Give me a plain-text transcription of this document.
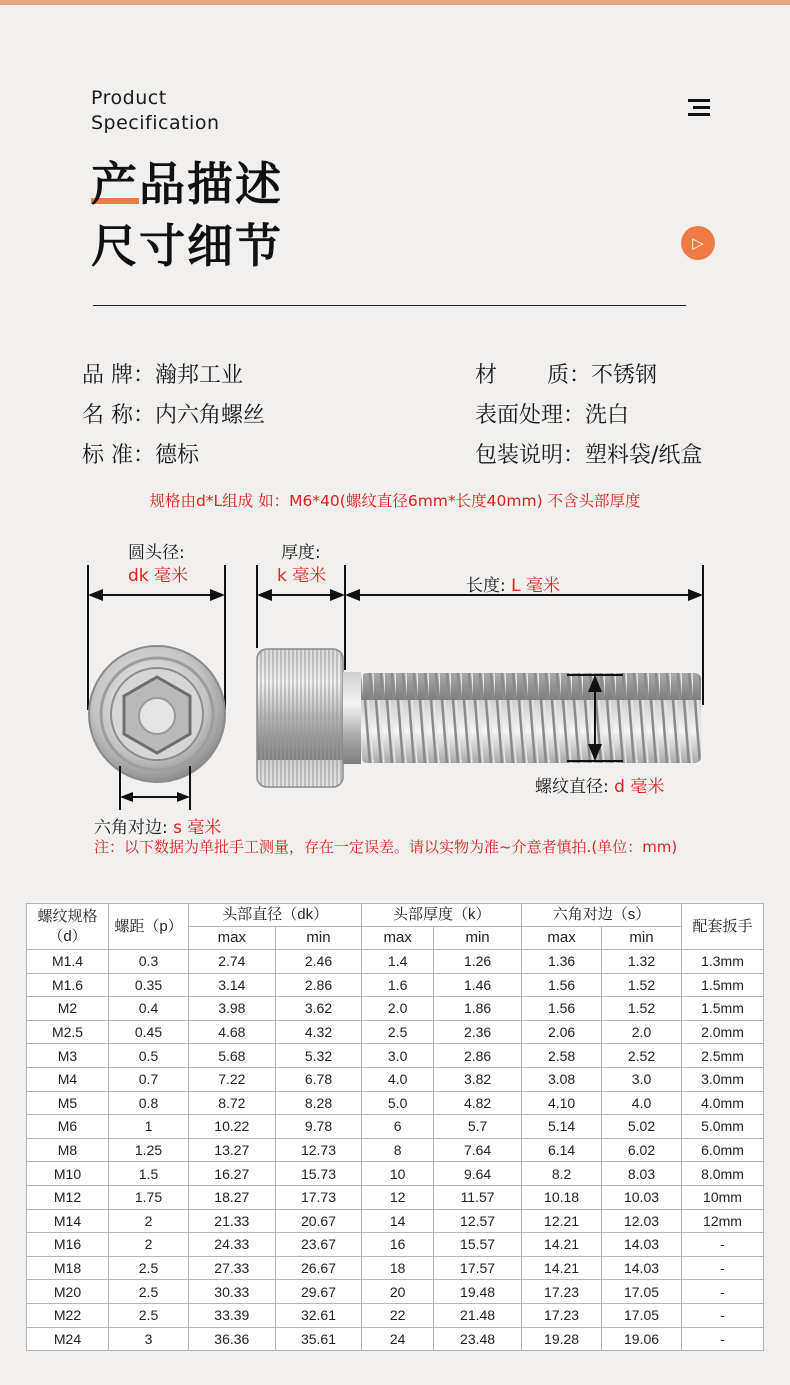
Product
Specification
产品描述
尺寸细节	▷
品 牌：瀚邦工业
名 称：内六角螺丝
标 准：德标
材 质：不锈钢
表面处理：洗白
包装说明：塑料袋/纸盒
规格由d*L组成 如：M6*40(螺纹直径6mm*长度40mm) 不含头部厚度
圆头径:
dk 毫米
厚度:
k 毫米	长度: L 毫米
螺纹直径: d 毫米
六角对边: s 毫米
注：以下数据为单批手工测量，存在一定误差。请以实物为准~介意者慎拍.(单位：mm)
螺纹规格（d）	螺距（p）	头部直径（dk）		头部厚度（k）		六角对边（s）		配套扳手
		max	min	max	min	max	min	
M1.4	0.3	2.74	2.46	1.4	1.26	1.36	1.32	1.3mm
M1.6	0.35	3.14	2.86	1.6	1.46	1.56	1.52	1.5mm
M2	0.4	3.98	3.62	2.0	1.86	1.56	1.52	1.5mm
M2.5	0.45	4.68	4.32	2.5	2.36	2.06	2.0	2.0mm
M3	0.5	5.68	5.32	3.0	2.86	2.58	2.52	2.5mm
M4	0.7	7.22	6.78	4.0	3.82	3.08	3.0	3.0mm
M5	0.8	8.72	8.28	5.0	4.82	4.10	4.0	4.0mm
M6	1	10.22	9.78	6	5.7	5.14	5.02	5.0mm
M8	1.25	13.27	12.73	8	7.64	6.14	6.02	6.0mm
M10	1.5	16.27	15.73	10	9.64	8.2	8.03	8.0mm
M12	1.75	18.27	17.73	12	11.57	10.18	10.03	10mm
M14	2	21.33	20.67	14	12.57	12.21	12.03	12mm
M16	2	24.33	23.67	16	15.57	14.21	14.03	-
M18	2.5	27.33	26.67	18	17.57	14.21	14.03	-
M20	2.5	30.33	29.67	20	19.48	17.23	17.05	-
M22	2.5	33.39	32.61	22	21.48	17.23	17.05	-
M24	3	36.36	35.61	24	23.48	19.28	19.06	-
